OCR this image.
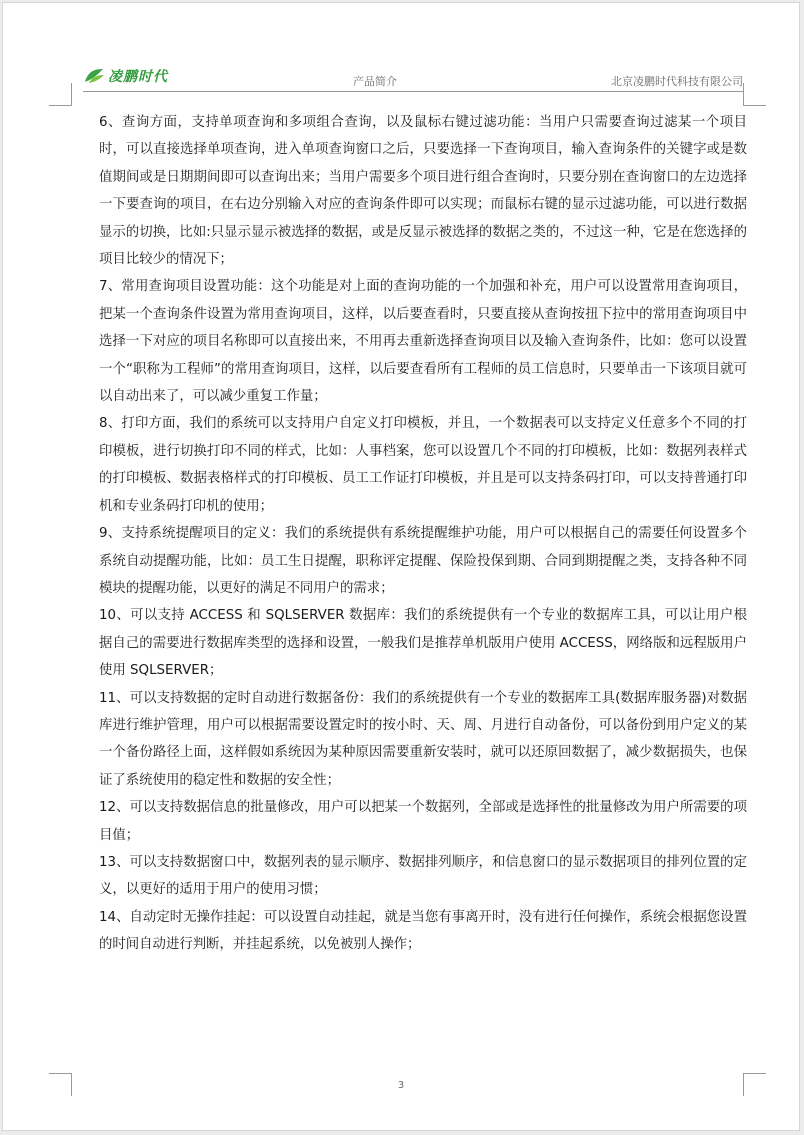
凌鹏时代	产品简介	北京凌鹏时代科技有限公司

6、查询方面，支持单项查询和多项组合查询，以及鼠标右键过滤功能：当用户只需要查询过滤某一个项目时，可以直接选择单项查询，进入单项查询窗口之后，只要选择一下查询项目，输入查询条件的关键字或是数值期间或是日期期间即可以查询出来；当用户需要多个项目进行组合查询时，只要分别在查询窗口的左边选择一下要查询的项目，在右边分别输入对应的查询条件即可以实现；而鼠标右键的显示过滤功能，可以进行数据显示的切换，比如:只显示显示被选择的数据，或是反显示被选择的数据之类的，不过这一种，它是在您选择的项目比较少的情况下；

7、常用查询项目设置功能：这个功能是对上面的查询功能的一个加强和补充，用户可以设置常用查询项目，把某一个查询条件设置为常用查询项目，这样，以后要查看时，只要直接从查询按扭下拉中的常用查询项目中选择一下对应的项目名称即可以直接出来，不用再去重新选择查询项目以及输入查询条件，比如：您可以设置一个“职称为工程师”的常用查询项目，这样，以后要查看所有工程师的员工信息时，只要单击一下该项目就可以自动出来了，可以减少重复工作量；

8、打印方面，我们的系统可以支持用户自定义打印模板，并且，一个数据表可以支持定义任意多个不同的打印模板，进行切换打印不同的样式，比如：人事档案，您可以设置几个不同的打印模板，比如：数据列表样式的打印模板、数据表格样式的打印模板、员工工作证打印模板，并且是可以支持条码打印，可以支持普通打印机和专业条码打印机的使用；

9、支持系统提醒项目的定义：我们的系统提供有系统提醒维护功能，用户可以根据自己的需要任何设置多个系统自动提醒功能，比如：员工生日提醒，职称评定提醒、保险投保到期、合同到期提醒之类，支持各种不同模块的提醒功能，以更好的满足不同用户的需求；

10、可以支持 ACCESS 和 SQLSERVER 数据库：我们的系统提供有一个专业的数据库工具，可以让用户根据自己的需要进行数据库类型的选择和设置，一般我们是推荐单机版用户使用 ACCESS，网络版和远程版用户使用 SQLSERVER；

11、可以支持数据的定时自动进行数据备份：我们的系统提供有一个专业的数据库工具(数据库服务器)对数据库进行维护管理，用户可以根据需要设置定时的按小时、天、周、月进行自动备份，可以备份到用户定义的某一个备份路径上面，这样假如系统因为某种原因需要重新安装时，就可以还原回数据了，减少数据损失，也保证了系统使用的稳定性和数据的安全性；

12、可以支持数据信息的批量修改，用户可以把某一个数据列，全部或是选择性的批量修改为用户所需要的项目值；

13、可以支持数据窗口中，数据列表的显示顺序、数据排列顺序，和信息窗口的显示数据项目的排列位置的定义，以更好的适用于用户的使用习惯；

14、自动定时无操作挂起：可以设置自动挂起，就是当您有事离开时，没有进行任何操作，系统会根据您设置的时间自动进行判断，并挂起系统，以免被别人操作；

3
